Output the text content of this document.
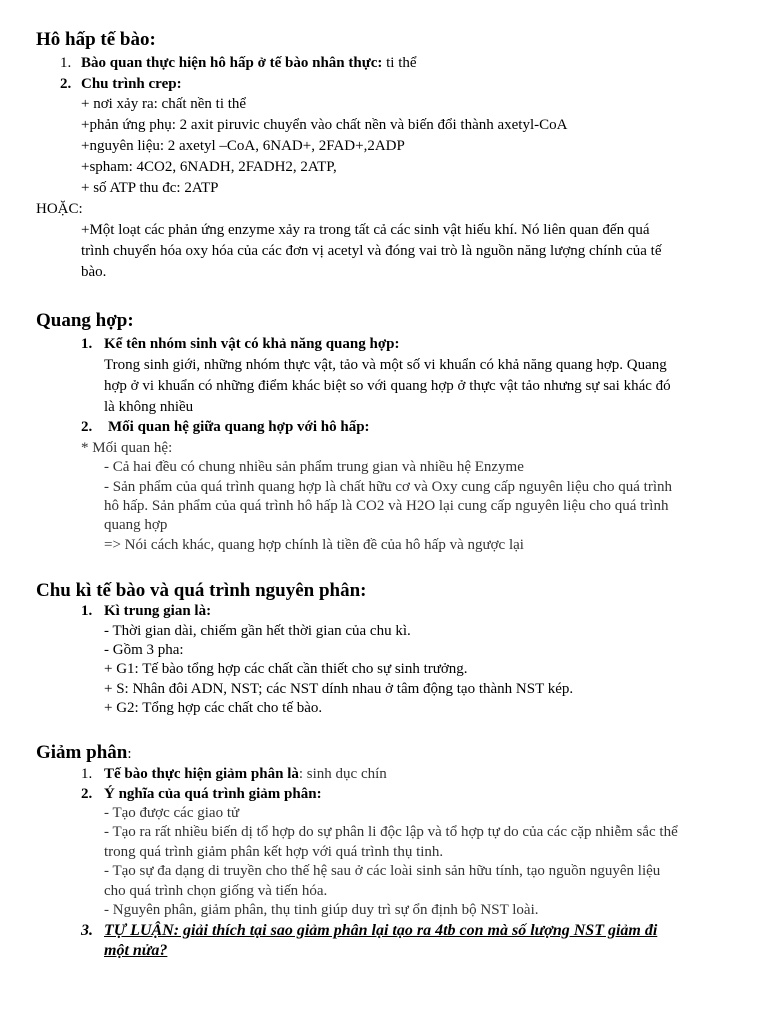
Hô hấp tế bào:
1. Bào quan thực hiện hô hấp ở tế bào nhân thực: ti thể
2. Chu trình crep:
+ nơi xảy ra: chất nền ti thể
+phản ứng phụ: 2 axit piruvic chuyển vào chất nền và biến đổi thành axetyl-CoA
+nguyên liệu: 2 axetyl –CoA, 6NAD+, 2FAD+,2ADP
+spham: 4CO2, 6NADH, 2FADH2, 2ATP,
+ số ATP thu đc: 2ATP
HOẶC:
+Một loạt các phản ứng enzyme xảy ra trong tất cả các sinh vật hiếu khí. Nó liên quan đến quá
trình chuyển hóa oxy hóa của các đơn vị acetyl và đóng vai trò là nguồn năng lượng chính của tế
bào.
Quang hợp:
1. Kể tên nhóm sinh vật có khả năng quang hợp:
Trong sinh giới, những nhóm thực vật, tảo và một số vi khuẩn có khả năng quang hợp. Quang
hợp ở vi khuẩn có những điểm khác biệt so với quang hợp ở thực vật tảo nhưng sự sai khác đó
là không nhiều
2. Mối quan hệ giữa quang hợp với hô hấp:
* Mối quan hệ:
- Cả hai đều có chung nhiều sản phẩm trung gian và nhiều hệ Enzyme
- Sản phẩm của quá trình quang hợp là chất hữu cơ và Oxy cung cấp nguyên liệu cho quá trình
hô hấp. Sản phẩm của quá trình hô hấp là CO2 và H2O lại cung cấp nguyên liệu cho quá trình
quang hợp
=> Nói cách khác, quang hợp chính là tiền đề của hô hấp và ngược lại
Chu kì tế bào và quá trình nguyên phân:
1. Kì trung gian là:
- Thời gian dài, chiếm gần hết thời gian của chu kì.
- Gồm 3 pha:
+ G1: Tế bào tổng hợp các chất cần thiết cho sự sinh trưởng.
+ S: Nhân đôi ADN, NST; các NST dính nhau ở tâm động tạo thành NST kép.
+ G2: Tổng hợp các chất cho tế bào.
Giảm phân:
1. Tế bào thực hiện giảm phân là: sinh dục chín
2. Ý nghĩa của quá trình giảm phân:
- Tạo được các giao tử
- Tạo ra rất nhiều biến dị tổ hợp do sự phân li độc lập và tổ hợp tự do của các cặp nhiễm sắc thể
trong quá trình giảm phân kết hợp với quá trình thụ tinh.
- Tạo sự đa dạng di truyền cho thế hệ sau ở các loài sinh sản hữu tính, tạo nguồn nguyên liệu
cho quá trình chọn giống và tiến hóa.
- Nguyên phân, giảm phân, thụ tinh giúp duy trì sự ổn định bộ NST loài.
3. TỰ LUẬN: giải thích tại sao giảm phân lại tạo ra 4tb con mà số lượng NST giảm đi
một nửa?
